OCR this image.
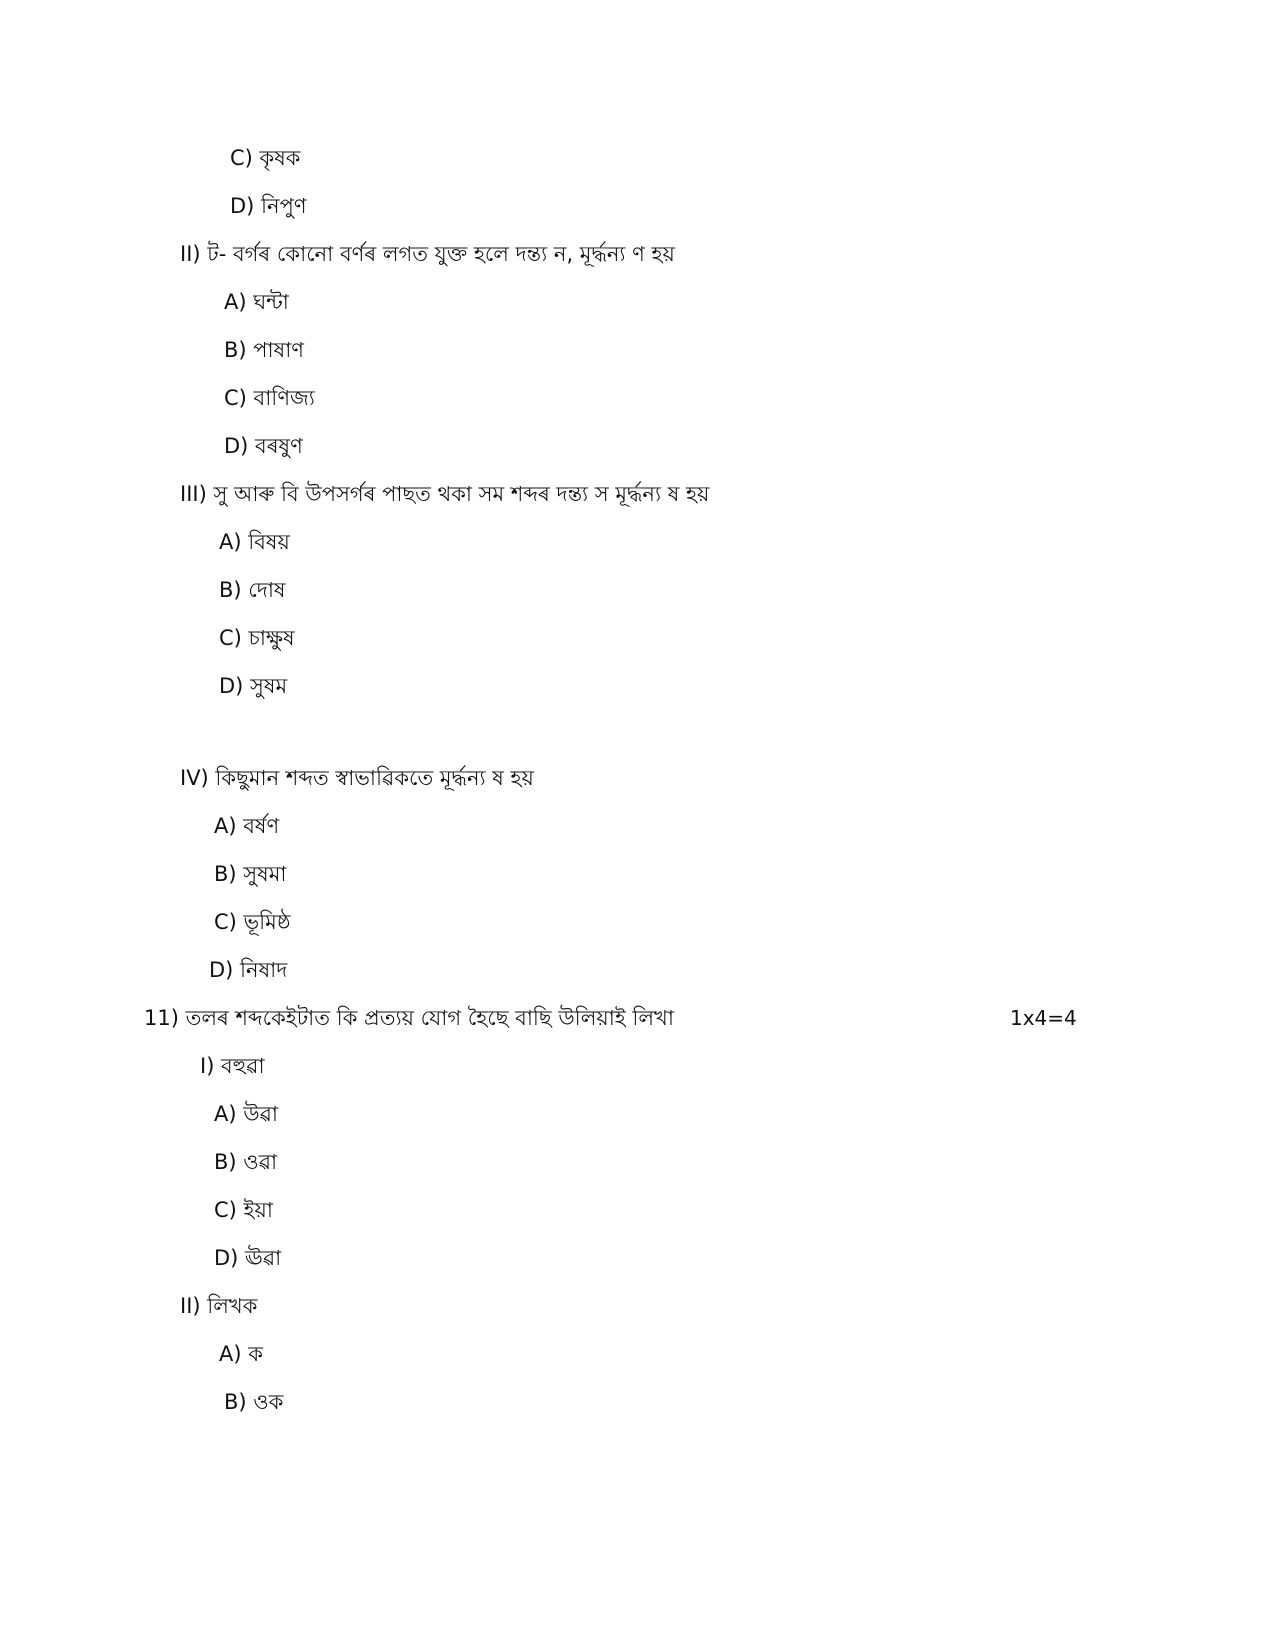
C) কৃষক
D) নিপুণ
II) ট- বৰ্গৰ কোনো বৰ্ণৰ লগত যুক্ত হলে দন্ত্য ন, মূৰ্দ্ধন্য ণ হয়
A) ঘন্টা
B) পাষাণ
C) বাণিজ্য
D) বৰষুণ
III) সু আৰু বি উপসৰ্গৰ পাছত থকা সম শব্দৰ দন্ত্য স মূৰ্দ্ধন্য ষ হয়
A) বিষয়
B) দোষ
C) চাক্ষুষ
D) সুষম
IV) কিছুমান শব্দত স্বাভাৱিকতে মূৰ্দ্ধন্য ষ হয়
A) বৰ্ষণ
B) সুষমা
C) ভূমিষ্ঠ
D) নিষাদ
11) তলৰ শব্দকেইটাত কি প্ৰত্যয় যোগ হৈছে বাছি উলিয়াই লিখা	1x4=4
I) বহুৱা
A) উৱা
B) ওৱা
C) ইয়া
D) ঊৱা
II) লিখক
A) ক
B) ওক
